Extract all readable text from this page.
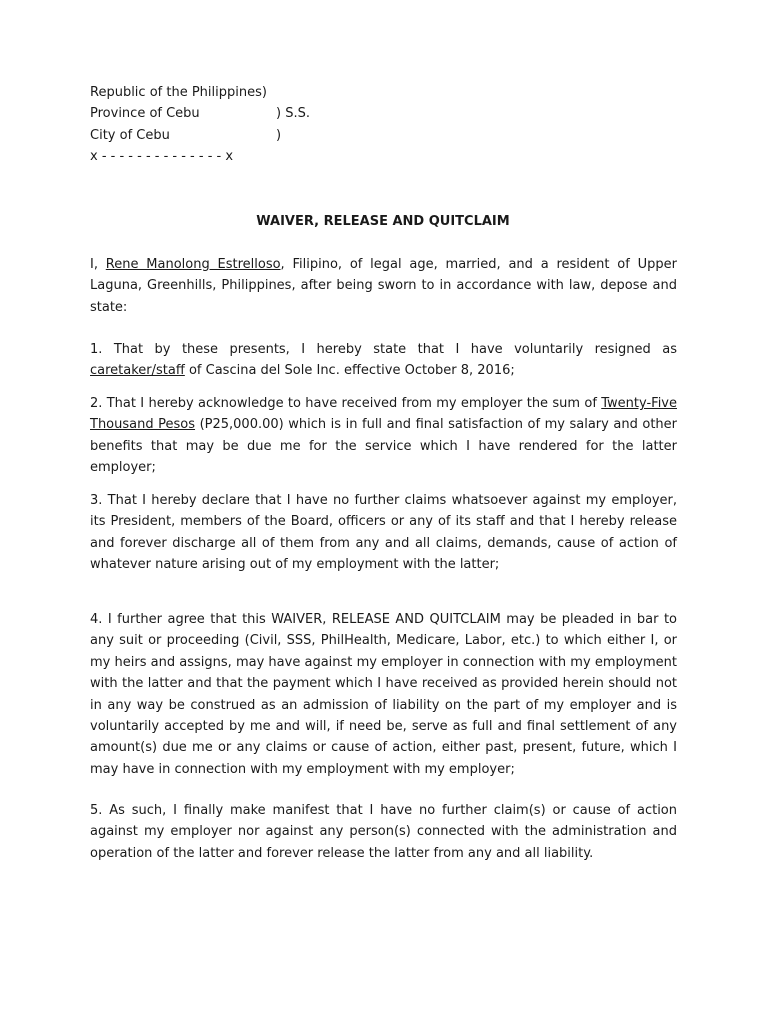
Republic of the Philippines)
Province of Cebu	) S.S.
City of Cebu	)
x - - - - - - - - - - - - - - x
WAIVER, RELEASE AND QUITCLAIM

I, Rene Manolong Estrelloso, Filipino, of legal age, married, and a resident of Upper Laguna, Greenhills, Philippines, after being sworn to in accordance with law, depose and state:

1. That by these presents, I hereby state that I have voluntarily resigned as caretaker/staff of Cascina del Sole Inc. effective October 8, 2016;

2. That I hereby acknowledge to have received from my employer the sum of Twenty-Five Thousand Pesos (P25,000.00) which is in full and final satisfaction of my salary and other benefits that may be due me for the service which I have rendered for the latter employer;

3. That I hereby declare that I have no further claims whatsoever against my employer, its President, members of the Board, officers or any of its staff and that I hereby release and forever discharge all of them from any and all claims, demands, cause of action of whatever nature arising out of my employment with the latter;

4. I further agree that this WAIVER, RELEASE AND QUITCLAIM may be pleaded in bar to any suit or proceeding (Civil, SSS, PhilHealth, Medicare, Labor, etc.) to which either I, or my heirs and assigns, may have against my employer in connection with my employment with the latter and that the payment which I have received as provided herein should not in any way be construed as an admission of liability on the part of my employer and is voluntarily accepted by me and will, if need be, serve as full and final settlement of any amount(s) due me or any claims or cause of action, either past, present, future, which I may have in connection with my employment with my employer;

5. As such, I finally make manifest that I have no further claim(s) or cause of action against my employer nor against any person(s) connected with the administration and operation of the latter and forever release the latter from any and all liability.
